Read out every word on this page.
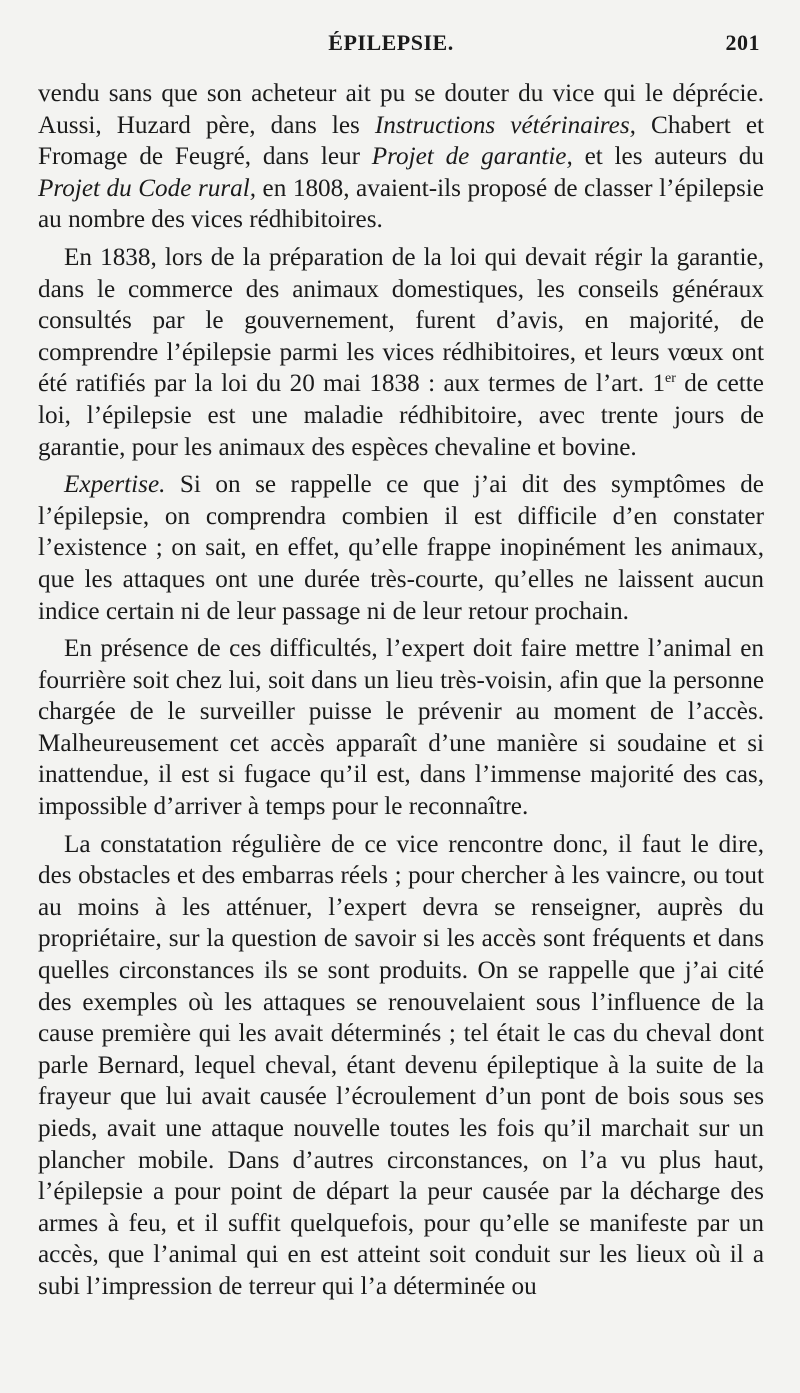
ÉPILEPSIE.	201

vendu sans que son acheteur ait pu se douter du vice qui le déprécie. Aussi, Huzard père, dans les Instructions vétérinaires, Chabert et Fromage de Feugré, dans leur Projet de garantie, et les auteurs du Projet du Code rural, en 1808, avaient-ils proposé de classer l’épilepsie au nombre des vices rédhibitoires.

En 1838, lors de la préparation de la loi qui devait régir la garantie, dans le commerce des animaux domestiques, les conseils généraux consultés par le gouvernement, furent d’avis, en majorité, de comprendre l’épilepsie parmi les vices rédhibitoires, et leurs vœux ont été ratifiés par la loi du 20 mai 1838 : aux termes de l’art. 1er de cette loi, l’épilepsie est une maladie rédhibitoire, avec trente jours de garantie, pour les animaux des espèces chevaline et bovine.

Expertise. Si on se rappelle ce que j’ai dit des symptômes de l’épilepsie, on comprendra combien il est difficile d’en constater l’existence ; on sait, en effet, qu’elle frappe inopinément les animaux, que les attaques ont une durée très-courte, qu’elles ne laissent aucun indice certain ni de leur passage ni de leur retour prochain.

En présence de ces difficultés, l’expert doit faire mettre l’animal en fourrière soit chez lui, soit dans un lieu très-voisin, afin que la personne chargée de le surveiller puisse le prévenir au moment de l’accès. Malheureusement cet accès apparaît d’une manière si soudaine et si inattendue, il est si fugace qu’il est, dans l’immense majorité des cas, impossible d’arriver à temps pour le reconnaître.

La constatation régulière de ce vice rencontre donc, il faut le dire, des obstacles et des embarras réels ; pour chercher à les vaincre, ou tout au moins à les atténuer, l’expert devra se renseigner, auprès du propriétaire, sur la question de savoir si les accès sont fréquents et dans quelles circonstances ils se sont produits. On se rappelle que j’ai cité des exemples où les attaques se renouvelaient sous l’influence de la cause première qui les avait déterminés ; tel était le cas du cheval dont parle Bernard, lequel cheval, étant devenu épileptique à la suite de la frayeur que lui avait causée l’écroulement d’un pont de bois sous ses pieds, avait une attaque nouvelle toutes les fois qu’il marchait sur un plancher mobile. Dans d’autres circonstances, on l’a vu plus haut, l’épilepsie a pour point de départ la peur causée par la décharge des armes à feu, et il suffit quelquefois, pour qu’elle se manifeste par un accès, que l’animal qui en est atteint soit conduit sur les lieux où il a subi l’impression de terreur qui l’a déterminée ou
